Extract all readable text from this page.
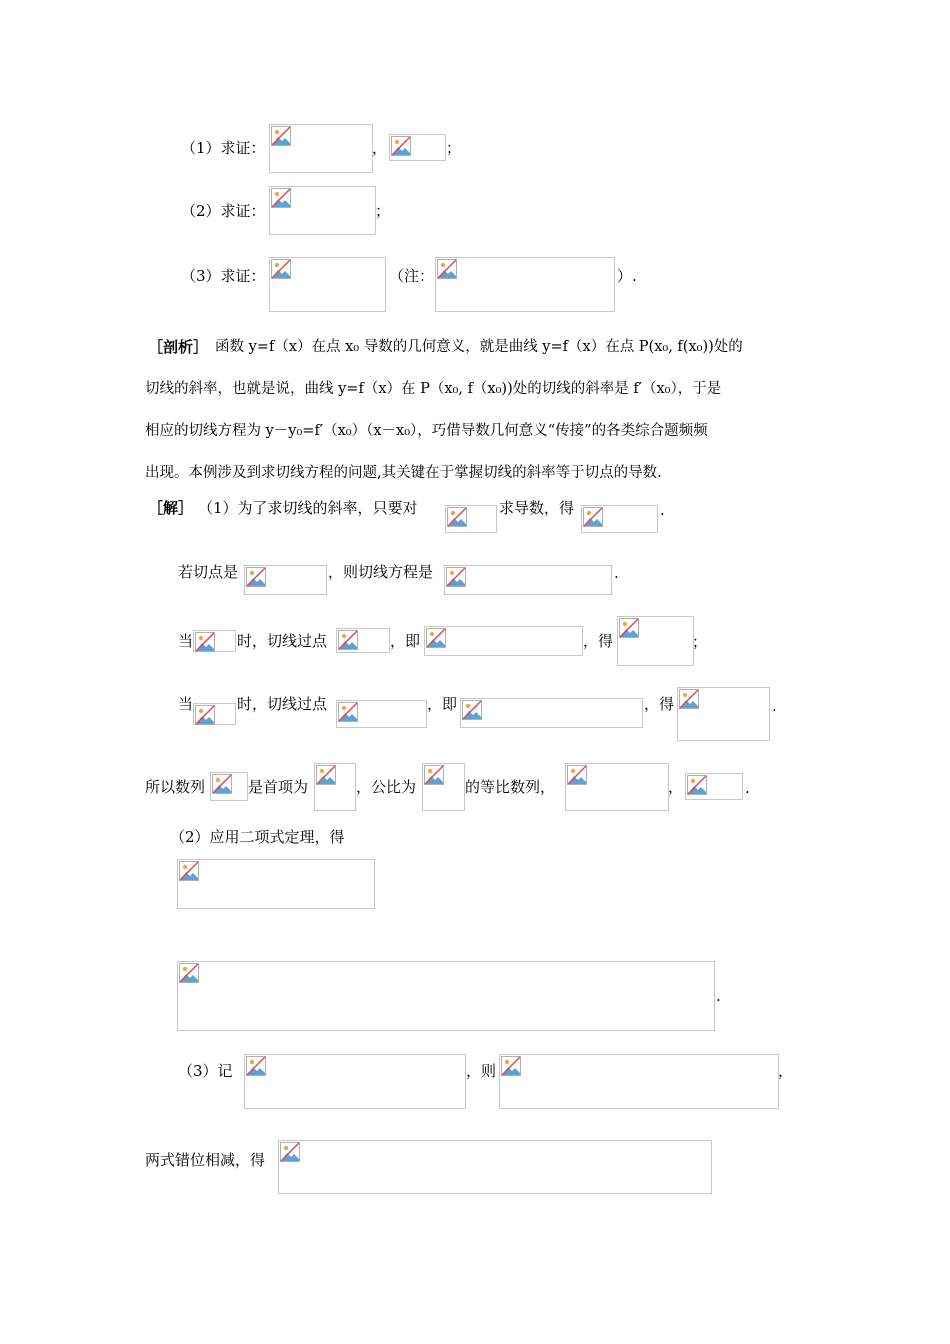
（1）求证：	，	；
（2）求证：	；
（3）求证：	（注：	）.
［剖析］ 函数 y=f（x）在点 x₀ 导数的几何意义，就是曲线 y=f（x）在点 P(x₀, f(x₀))处的
切线的斜率，也就是说，曲线 y=f（x）在 P（x₀, f（x₀))处的切线的斜率是 f′（x₀），于是
相应的切线方程为 y－y₀=f′（x₀）（x－x₀），巧借导数几何意义“传接”的各类综合题频频
出现。本例涉及到求切线方程的问题,其关键在于掌握切线的斜率等于切点的导数.
［解］ （1）为了求切线的斜率，只要对	求导数，得	.
若切点是	，则切线方程是	.
当	时，切线过点	，即	，得	；
当	时，切线过点	，即	，得	.
所以数列	是首项为	，公比为	的等比数列，	，	.
（2）应用二项式定理，得
.
（3）记	，则	，
两式错位相减，得
